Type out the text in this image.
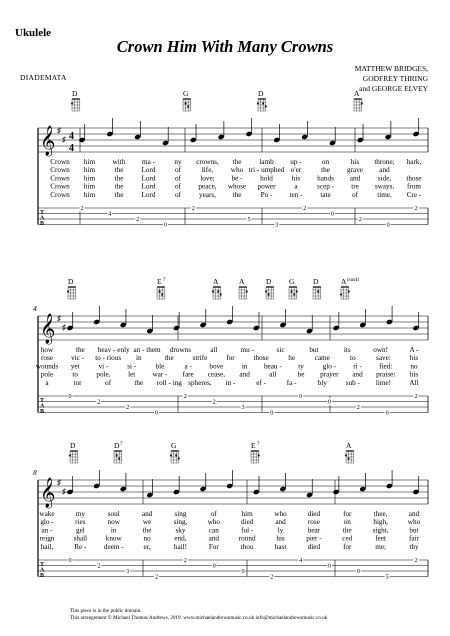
Ukulele
Crown Him With Many Crowns
DIADEMATA
MATTHEW BRIDGES,
GODFREY THRING
and GEORGE ELVEY
𝄞 ♯
♯ 4
4
D	G	D	A
Crown him with ma -	ny crowns, the lamb up -	on	his throne; hark,
Crown him	the	Lord	of	life, who tri - umphed o'er	the grave and
Crown him	the	Lord	of	love; be - hold	his hands and side, those
Crown him	the	Lord	of peace, whose power	a	scep - tre sways, from
Crown him	the	Lord	of	years, the	Po - ten - tate	of	time, Cre -
T
A
B
2
4
2
0
2
5
3
2
0
2
0
2
𝄞 ♯
♯
4
D	E 7	A	A	D G D	A (sus4)
how	the heav - enly an - them drowns	all	mu -	sic	but	its	own!	A -
rose	vic - to - rious in	the	strife	for	those	he	came	to	save:	his
wounds yet	vi -	si -	ble	a - bove	in beau - ty	glo - ri - fied:	no
pole	to	pole, let war - fare cease, and	all	be prayer and praise: his
a	tor	of	the roll - ing spheres, in -	ef -	fa -	bly	sub - lime!	All
T
A
B
0
2
2
0
2
2
3
0
0
0
2
0
2
𝄞 ♯
♯
8
D	D 7	G	E 7	A
wake	my	soul	and	sing	of	him	who	died	for	thee,	and
glo -	ries	now	we	sing,	who	died	and	rose	on	high,	who
an -	gel	in	the	sky	can	ful -	ly	bear	the	sight,	but
reign	shall	know	no	end,	and	round	his	pier -	ced	feet	fair
hail,	Re - deem -	er,	hail!	For	thou	hast	died	for	me;	thy
T
A
B
0
2
3
2
2
0
0
2
4
0
0
5
2
This piece is in the public domain.
This arrangement © Michael Thomas Andrews, 2019. www.michaelandrewsmusic.co.uk info@michaelandrewsmusic.co.uk
